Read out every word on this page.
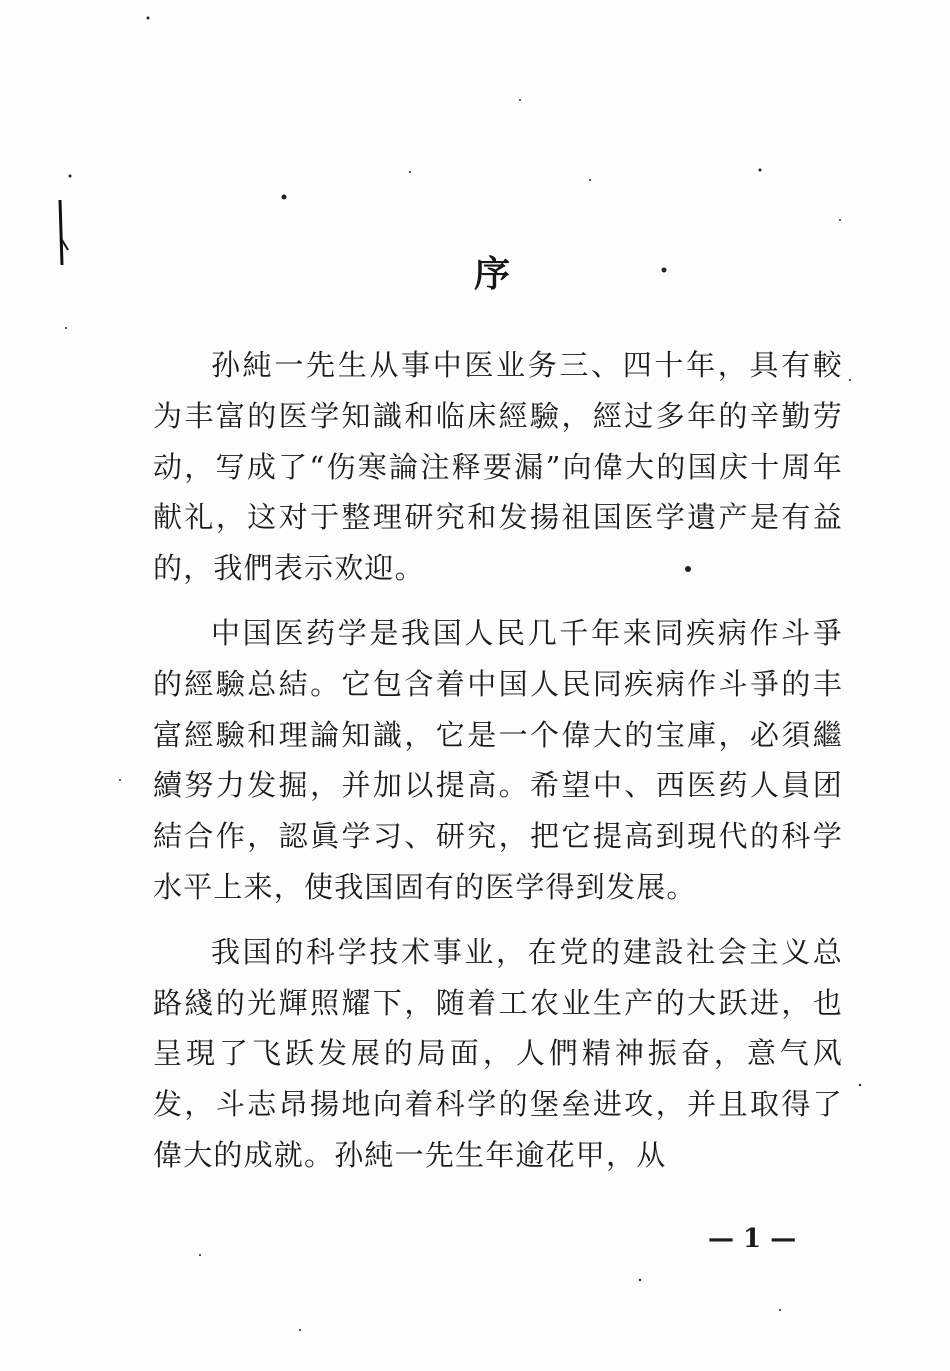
序

孙純一先生从事中医业务三、四十年，具有較为丰富的医学知識和临床經驗，經过多年的辛勤劳动，写成了“伤寒論注释要漏”向偉大的国庆十周年献礼，这对于整理研究和发揚祖国医学遺产是有益的，我們表示欢迎。

中国医药学是我国人民几千年来同疾病作斗爭的經驗总結。它包含着中国人民同疾病作斗爭的丰富經驗和理論知識，它是一个偉大的宝庫，必須繼續努力发掘，并加以提高。希望中、西医药人員团結合作，認眞学习、研究，把它提高到現代的科学水平上来，使我国固有的医学得到发展。

我国的科学技术事业，在党的建設社会主义总路綫的光輝照耀下，随着工农业生产的大跃进，也呈現了飞跃发展的局面，人們精神振奋，意气风发，斗志昂揚地向着科学的堡垒进攻，并且取得了偉大的成就。孙純一先生年逾花甲，从

— 1 —
